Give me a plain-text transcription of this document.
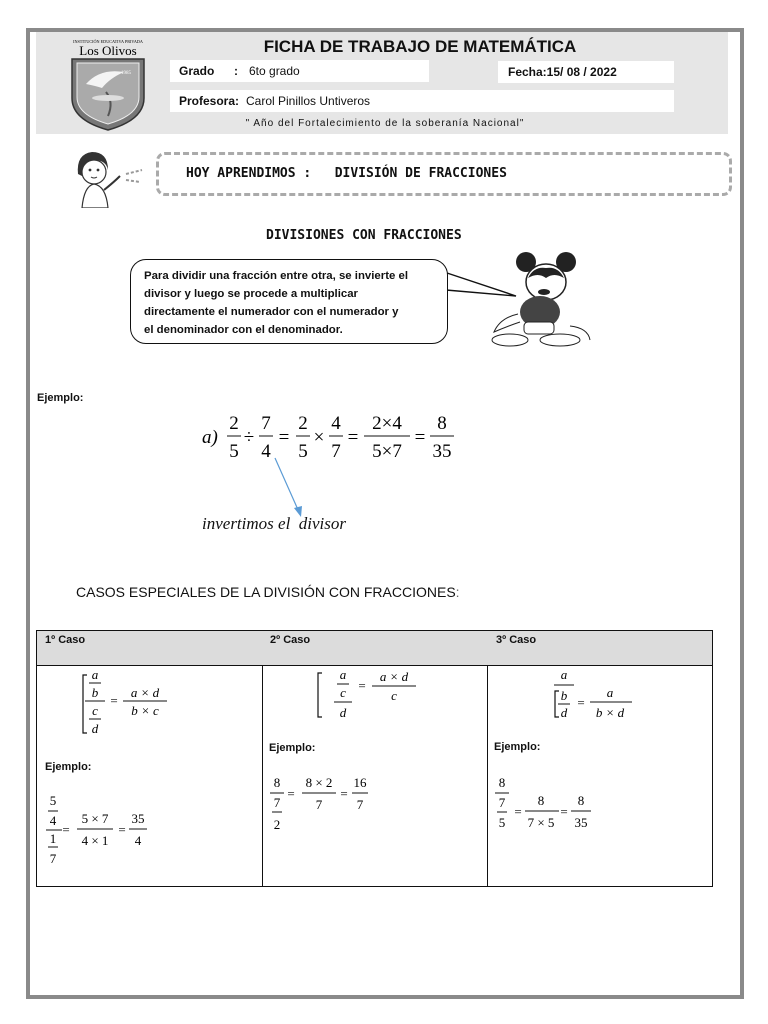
INSTITUCIÓN EDUCATIVA PRIVADA
Los Olivos
1985
FICHA DE TRABAJO DE MATEMÁTICA
Grado : 6to grado	Fecha:15/ 08 / 2022
Profesora: Carol Pinillos Untiveros
" Año del Fortalecimiento de la soberanía Nacional"
HOY APRENDIMOS :   DIVISIÓN DE FRACCIONES
DIVISIONES CON FRACCIONES
Para dividir una fracción entre otra, se invierte el
divisor y luego se procede a multiplicar
directamente el numerador con el numerador y
el denominador con el denominador.
Ejemplo:
a)
2
5
÷
7
4
=
2
5
×
4
7
=
2×4
5×7
=
8
35
invertimos el  divisor
CASOS ESPECIALES DE LA DIVISIÓN CON FRACCIONES:
1º Caso
a
b
c
d
=
a × d
b × c
Ejemplo:
5
4
1
7
=
5 × 7
4 × 1
=
35
4
2º Caso
a
c
d
=
a × d
c
Ejemplo:
8
7
2
=
8 × 2
7
=
16
7
3º Caso
a
b
d
=
a
b × d
Ejemplo:
8
7
5
=
8
7 × 5
=
8
35
